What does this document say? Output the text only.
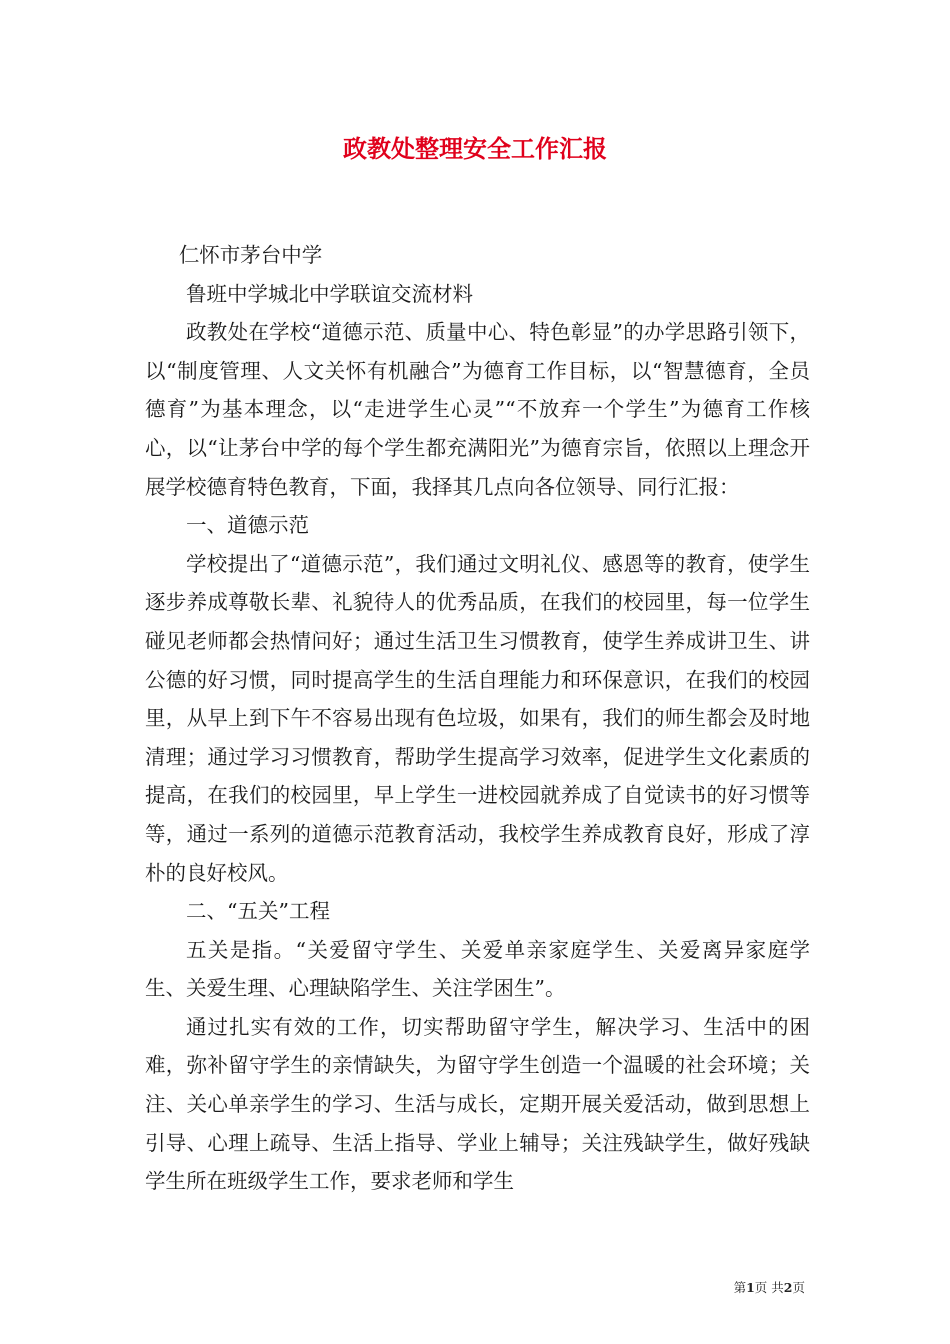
政教处整理安全工作汇报

仁怀市茅台中学

鲁班中学城北中学联谊交流材料

政教处在学校“道德示范、质量中心、特色彰显”的办学思路引领下，以“制度管理、人文关怀有机融合”为德育工作目标，以“智慧德育，全员德育”为基本理念，以“走进学生心灵”“不放弃一个学生”为德育工作核心，以“让茅台中学的每个学生都充满阳光”为德育宗旨，依照以上理念开展学校德育特色教育，下面，我择其几点向各位领导、同行汇报：

一、道德示范

学校提出了“道德示范”，我们通过文明礼仪、感恩等的教育，使学生逐步养成尊敬长辈、礼貌待人的优秀品质，在我们的校园里，每一位学生碰见老师都会热情问好；通过生活卫生习惯教育，使学生养成讲卫生、讲公德的好习惯，同时提高学生的生活自理能力和环保意识，在我们的校园里，从早上到下午不容易出现有色垃圾，如果有，我们的师生都会及时地清理；通过学习习惯教育，帮助学生提高学习效率，促进学生文化素质的提高，在我们的校园里，早上学生一进校园就养成了自觉读书的好习惯等等，通过一系列的道德示范教育活动，我校学生养成教育良好，形成了淳朴的良好校风。

二、“五关”工程

五关是指。“关爱留守学生、关爱单亲家庭学生、关爱离异家庭学生、关爱生理、心理缺陷学生、关注学困生”。

通过扎实有效的工作，切实帮助留守学生，解决学习、生活中的困难，弥补留守学生的亲情缺失，为留守学生创造一个温暖的社会环境；关注、关心单亲学生的学习、生活与成长，定期开展关爱活动，做到思想上引导、心理上疏导、生活上指导、学业上辅导；关注残缺学生，做好残缺学生所在班级学生工作，要求老师和学生

第1页 共2页
